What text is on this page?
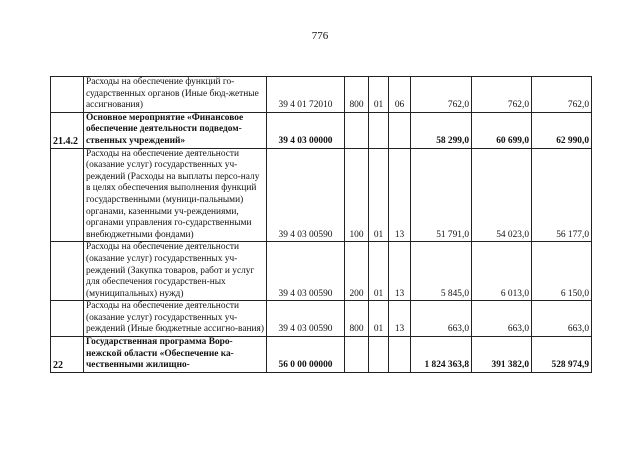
776
	Расходы на обеспечение функций го-сударственных органов (Иные бюд-жетные ассигнования)	39 4 01 72010	800	01	06	762,0	762,0	762,0
21.4.2	Основное мероприятие «Финансовое обеспечение деятельности подведом-ственных учреждений»	39 4 03 00000				58 299,0	60 699,0	62 990,0
	Расходы на обеспечение деятельности (оказание услуг) государственных уч-реждений (Расходы на выплаты персо-налу в целях обеспечения выполнения функций государственными (муници-пальными) органами, казенными уч-реждениями, органами управления го-сударственными внебюджетными фондами)	39 4 03 00590	100	01	13	51 791,0	54 023,0	56 177,0
	Расходы на обеспечение деятельности (оказание услуг) государственных уч-реждений (Закупка товаров, работ и услуг для обеспечения государствен-ных (муниципальных) нужд)	39 4 03 00590	200	01	13	5 845,0	6 013,0	6 150,0
	Расходы на обеспечение деятельности (оказание услуг) государственных уч-реждений (Иные бюджетные ассигно-вания)	39 4 03 00590	800	01	13	663,0	663,0	663,0
22	Государственная программа Воро-нежской области «Обеспечение ка-чественными жилищно-	56 0 00 00000				1 824 363,8	391 382,0	528 974,9
